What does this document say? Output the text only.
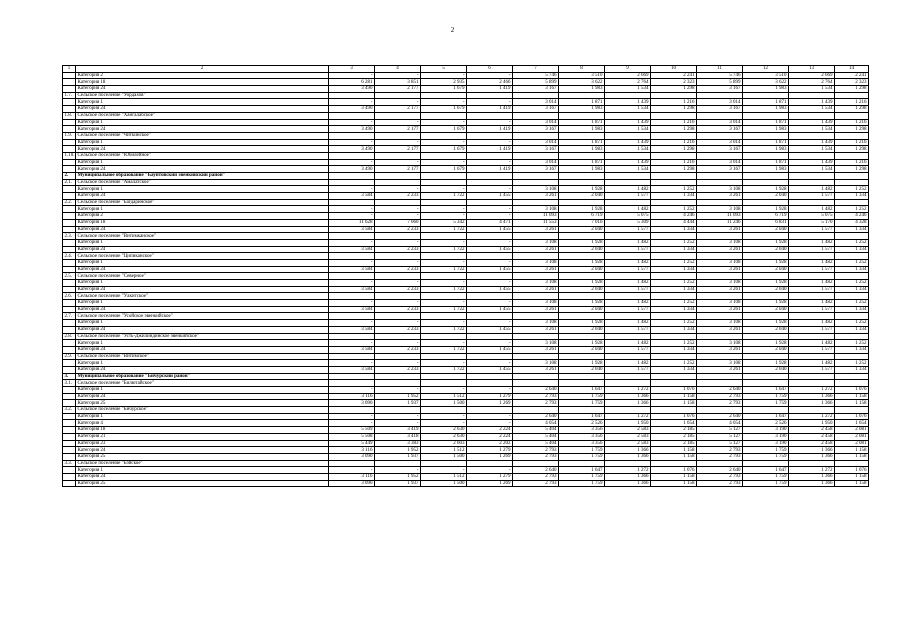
2
1	2	3	4	5	6	7	8	9	10	11	12	13	14
	Категория 2	-	-	-	-	5 746	3 510	2 669	2 241	5 746	3 510	2 669	2 241
	Категория 18	6 281	3 851	2 935	2 466	5 899	3 622	2 764	2 323	5 899	3 622	2 764	2 323
	Категория 24	3 490	2 177	1 679	1 419	3 167	1 983	1 534	1 298	3 167	1 983	1 534	1 298
1.7.	Сельское поселение "Уордахов"												
	Категория 1	-	-	-	-	3 014	1 871	1 439	1 216	3 014	1 871	1 439	1 216
	Категория 24	3 490	2 177	1 679	1 419	3 167	1 983	1 534	1 298	3 167	1 983	1 534	1 298
1.8.	Сельское поселение "Хангалабское"												
	Категория 1	-	-	-	-	3 014	1 871	1 439	1 216	3 014	1 871	1 439	1 216
	Категория 24	3 490	2 177	1 679	1 419	3 167	1 983	1 534	1 298	3 167	1 983	1 534	1 298
1.9.	Сельское поселение "Читкинское"												
	Категория 1	-	-	-	-	3 014	1 871	1 439	1 216	3 014	1 871	1 439	1 216
	Категория 24	3 490	2 177	1 679	1 419	3 167	1 983	1 534	1 298	3 167	1 983	1 534	1 298
1.10.	Сельское поселение "Юбилейное"												
	Категория 1	-	-	-	-	3 014	1 871	1 439	1 216	3 014	1 871	1 439	1 216
	Категория 24	3 490	2 177	1 679	1 419	3 167	1 983	1 534	1 298	3 167	1 983	1 534	1 298
2.	Муниципальное образование "Баунтовский эвенкийский район"												
2.1.	Сельское поселение "Амалатское"												
	Категория 1	-	-	-	-	3 108	1 928	1 482	1 252	3 108	1 928	1 482	1 252
	Категория 24	3 584	2 233	1 722	1 455	3 261	2 040	1 577	1 334	3 261	2 040	1 577	1 334
2.2.	Сельское поселение "Багдаринское"												
	Категория 1	-	-	-	-	3 108	1 928	1 482	1 252	3 108	1 928	1 482	1 252
	Категория 2	-	-	-	-	11 093	6 719	5 075	4 246	11 093	6 719	5 075	4 246
	Категория 18	11 628	7 060	5 342	4 471	11 553	7 016	5 309	4 444	11 246	6 831	5 170	4 328
	Категория 24	3 584	2 233	1 722	1 455	3 261	2 040	1 577	1 334	3 261	2 040	1 577	1 334
2.3.	Сельское поселение "Витимканское"												
	Категория 1	-	-	-	-	3 108	1 928	1 482	1 252	3 108	1 928	1 482	1 252
	Категория 24	3 584	2 233	1 722	1 455	3 261	2 040	1 577	1 334	3 261	2 040	1 577	1 334
2.4.	Сельское поселение "Ципиканское"												
	Категория 1	-	-	-	-	3 108	1 928	1 482	1 252	3 108	1 928	1 482	1 252
	Категория 24	3 584	2 233	1 722	1 455	3 261	2 040	1 577	1 334	3 261	2 040	1 577	1 334
2.5.	Сельское поселение "Северное"												
	Категория 1	-	-	-	-	3 108	1 928	1 482	1 252	3 108	1 928	1 482	1 252
	Категория 24	3 584	2 233	1 722	1 455	3 261	2 040	1 577	1 334	3 261	2 040	1 577	1 334
2.6.	Сельское поселение "Уакитское"												
	Категория 1	-	-	-	-	3 108	1 928	1 482	1 252	3 108	1 928	1 482	1 252
	Категория 24	3 584	2 233	1 722	1 455	3 261	2 040	1 577	1 334	3 261	2 040	1 577	1 334
2.7.	Сельское поселение "Усойское эвенкийское"												
	Категория 1	-	-	-	-	3 108	1 928	1 482	1 252	3 108	1 928	1 482	1 252
	Категория 24	3 584	2 233	1 722	1 455	3 261	2 040	1 577	1 334	3 261	2 040	1 577	1 334
2.8.	Сельское поселение "Усть-Джилиндинское эвенкийское"												
	Категория 1	-	-	-	-	3 108	1 928	1 482	1 252	3 108	1 928	1 482	1 252
	Категория 24	3 584	2 233	1 722	1 455	3 261	2 040	1 577	1 334	3 261	2 040	1 577	1 334
2.9.	Сельское поселение "Витимское"												
	Категория 1	-	-	-	-	3 108	1 928	1 482	1 252	3 108	1 928	1 482	1 252
	Категория 24	3 584	2 233	1 722	1 455	3 261	2 040	1 577	1 334	3 261	2 040	1 577	1 334
3.	Муниципальное образование "Бичурский район"												
3.1.	Сельское поселение "Билютайское"												
	Категория 1	-	-	-	-	2 640	1 647	1 272	1 076	2 640	1 647	1 272	1 076
	Категория 24	3 116	1 952	1 512	1 279	2 793	1 759	1 366	1 158	2 793	1 759	1 366	1 158
	Категория 25	3 090	1 937	1 500	1 269	2 793	1 759	1 366	1 158	2 793	1 759	1 366	1 158
3.2.	Сельское поселение "Бичурское"												
	Категория 1	-	-	-	-	2 640	1 647	1 272	1 076	2 640	1 647	1 272	1 076
	Категория 4	-	-	-	-	4 054	2 526	1 950	1 654	4 054	2 526	1 950	1 654
	Категория 18	5 509	3 419	2 630	2 224	5 404	3 356	2 583	2 185	5 127	3 190	2 458	2 081
	Категория 21	5 508	3 418	2 630	2 224	5 404	3 356	2 583	2 185	5 127	3 190	2 458	2 081
	Категория 23	5 449	3 383	2 603	2 202	5 404	3 356	2 583	2 185	5 127	3 190	2 458	2 081
	Категория 24	3 116	1 952	1 512	1 279	2 793	1 759	1 366	1 158	2 793	1 759	1 366	1 158
	Категория 25	3 090	1 937	1 500	1 269	2 793	1 759	1 366	1 158	2 793	1 759	1 366	1 158
3.3.	Сельское поселение "Бэйское"												
	Категория 1	-	-	-	-	2 640	1 647	1 272	1 076	2 640	1 647	1 272	1 076
	Категория 24	3 116	1 952	1 512	1 279	2 793	1 759	1 366	1 158	2 793	1 759	1 366	1 158
	Категория 25	3 090	1 937	1 500	1 269	2 793	1 759	1 366	1 158	2 793	1 759	1 366	1 158
